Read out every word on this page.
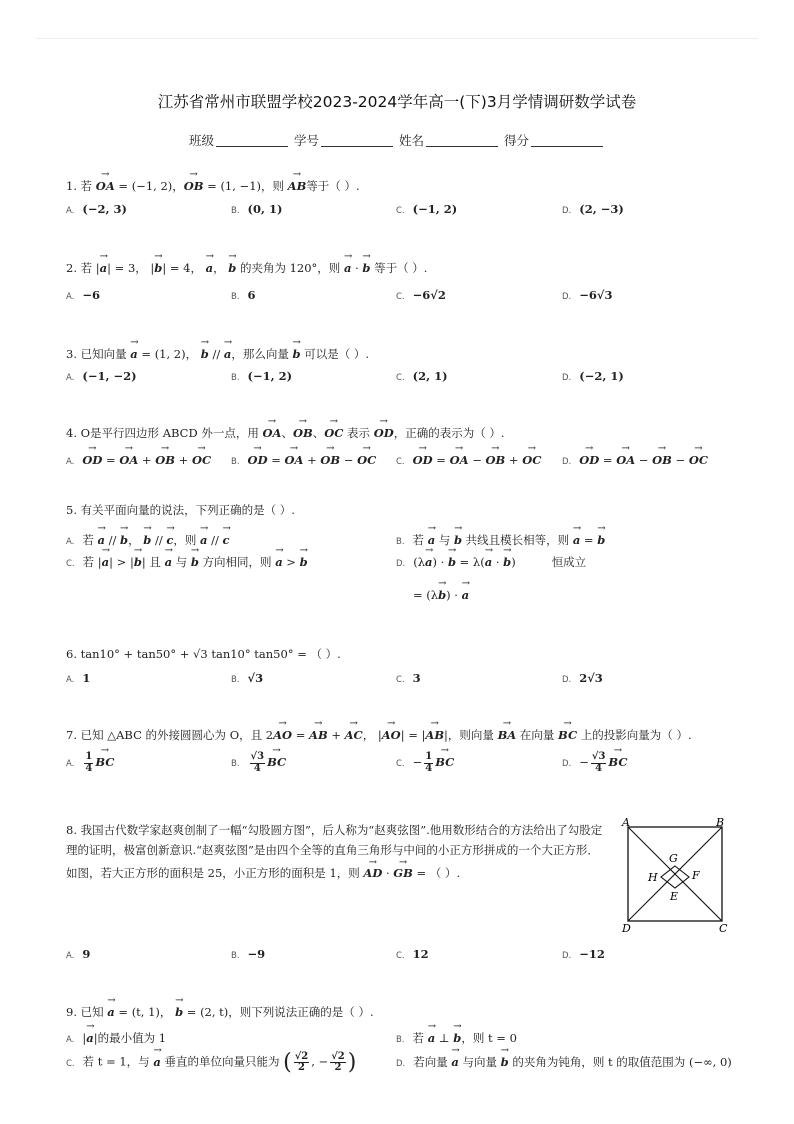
江苏省常州市联盟学校2023-2024学年高一(下)3月学情调研数学试卷
班级	学号	姓名	得分
1. 若 → OA = (−1, 2)，→ OB = (1, −1)，则 → AB等于（ ）.
A. (−2, 3)	B. (0, 1)	C. (−1, 2)	D. (2, −3)
2. 若 |→ a| = 3， |→ b| = 4， → a， → b 的夹角为 120°，则 → a · → b 等于（ ）.
A. −6	B. 6	C. −6√2	D. −6√3
3. 已知向量 → a = (1, 2)， → b // → a，那么向量 → b 可以是（ ）.
A. (−1, −2)	B. (−1, 2)	C. (2, 1)	D. (−2, 1)
4. O是平行四边形 ABCD 外一点，用 → OA、→ OB、→ OC 表示 → OD，正确的表示为（ ）.
A. → OD = → OA + → OB + → OC B. → OD = → OA + → OB − → OC C. → OD = → OA − → OB + → OC D. → OD = → OA − → OB − → OC
5. 有关平面向量的说法，下列正确的是（ ）.
A. 若 → a // → b， → b // → c，则 → a // → c	B. 若 → a 与 → b 共线且模长相等，则 → a = → b
C. 若 |→ a| > |→ b| 且 → a 与 → b 方向相同，则 → a > → b	D. (λ→ a) · → b = λ(→ a · → b)	恒成立
= (λ→ b) · → a
6. tan10° + tan50° + √3 tan10° tan50° = （ ）.
A. 1	B. √3	C. 3	D. 2√3
7. 已知 △ABC 的外接圆圆心为 O，且 2→ AO = → AB + → AC， |→ AO| = |→ AB|，则向量 → BA 在向量 → BC 上的投影向量为（ ）.
A. $\frac{1}{4}$ → BC	B. $\frac{√3}{4}$ → BC	C. − $\frac{1}{4}$ → BC	D. − $\frac{√3}{4}$ → BC
8. 我国古代数学家赵爽创制了一幅“勾股圆方图”，后人称为“赵爽弦图”.他用数形结合的方法给出了勾股定理的证明，极富创新意识.“赵爽弦图”是由四个全等的直角三角形与中间的小正方形拼成的一个大正方形．如图，若大正方形的面积是 25，小正方形的面积是 1，则 → AD · → GB = （ ）.
A	B
C
D
G
F
E
H
A. 9	B. −9	C. 12	D. −12
9. 已知 → a = (t, 1)， → b = (2, t)，则下列说法正确的是（ ）.
A. |→ a|的最小值为 1	B. 若 → a ⊥ → b，则 t = 0
C. 若 t = 1，与 → a 垂直的单位向量只能为 ( $\frac{√2}{2}$ , − $\frac{√2}{2}$ )	D. 若向量 → a 与向量 → b 的夹角为钝角，则 t 的取值范围为 (−∞, 0)
